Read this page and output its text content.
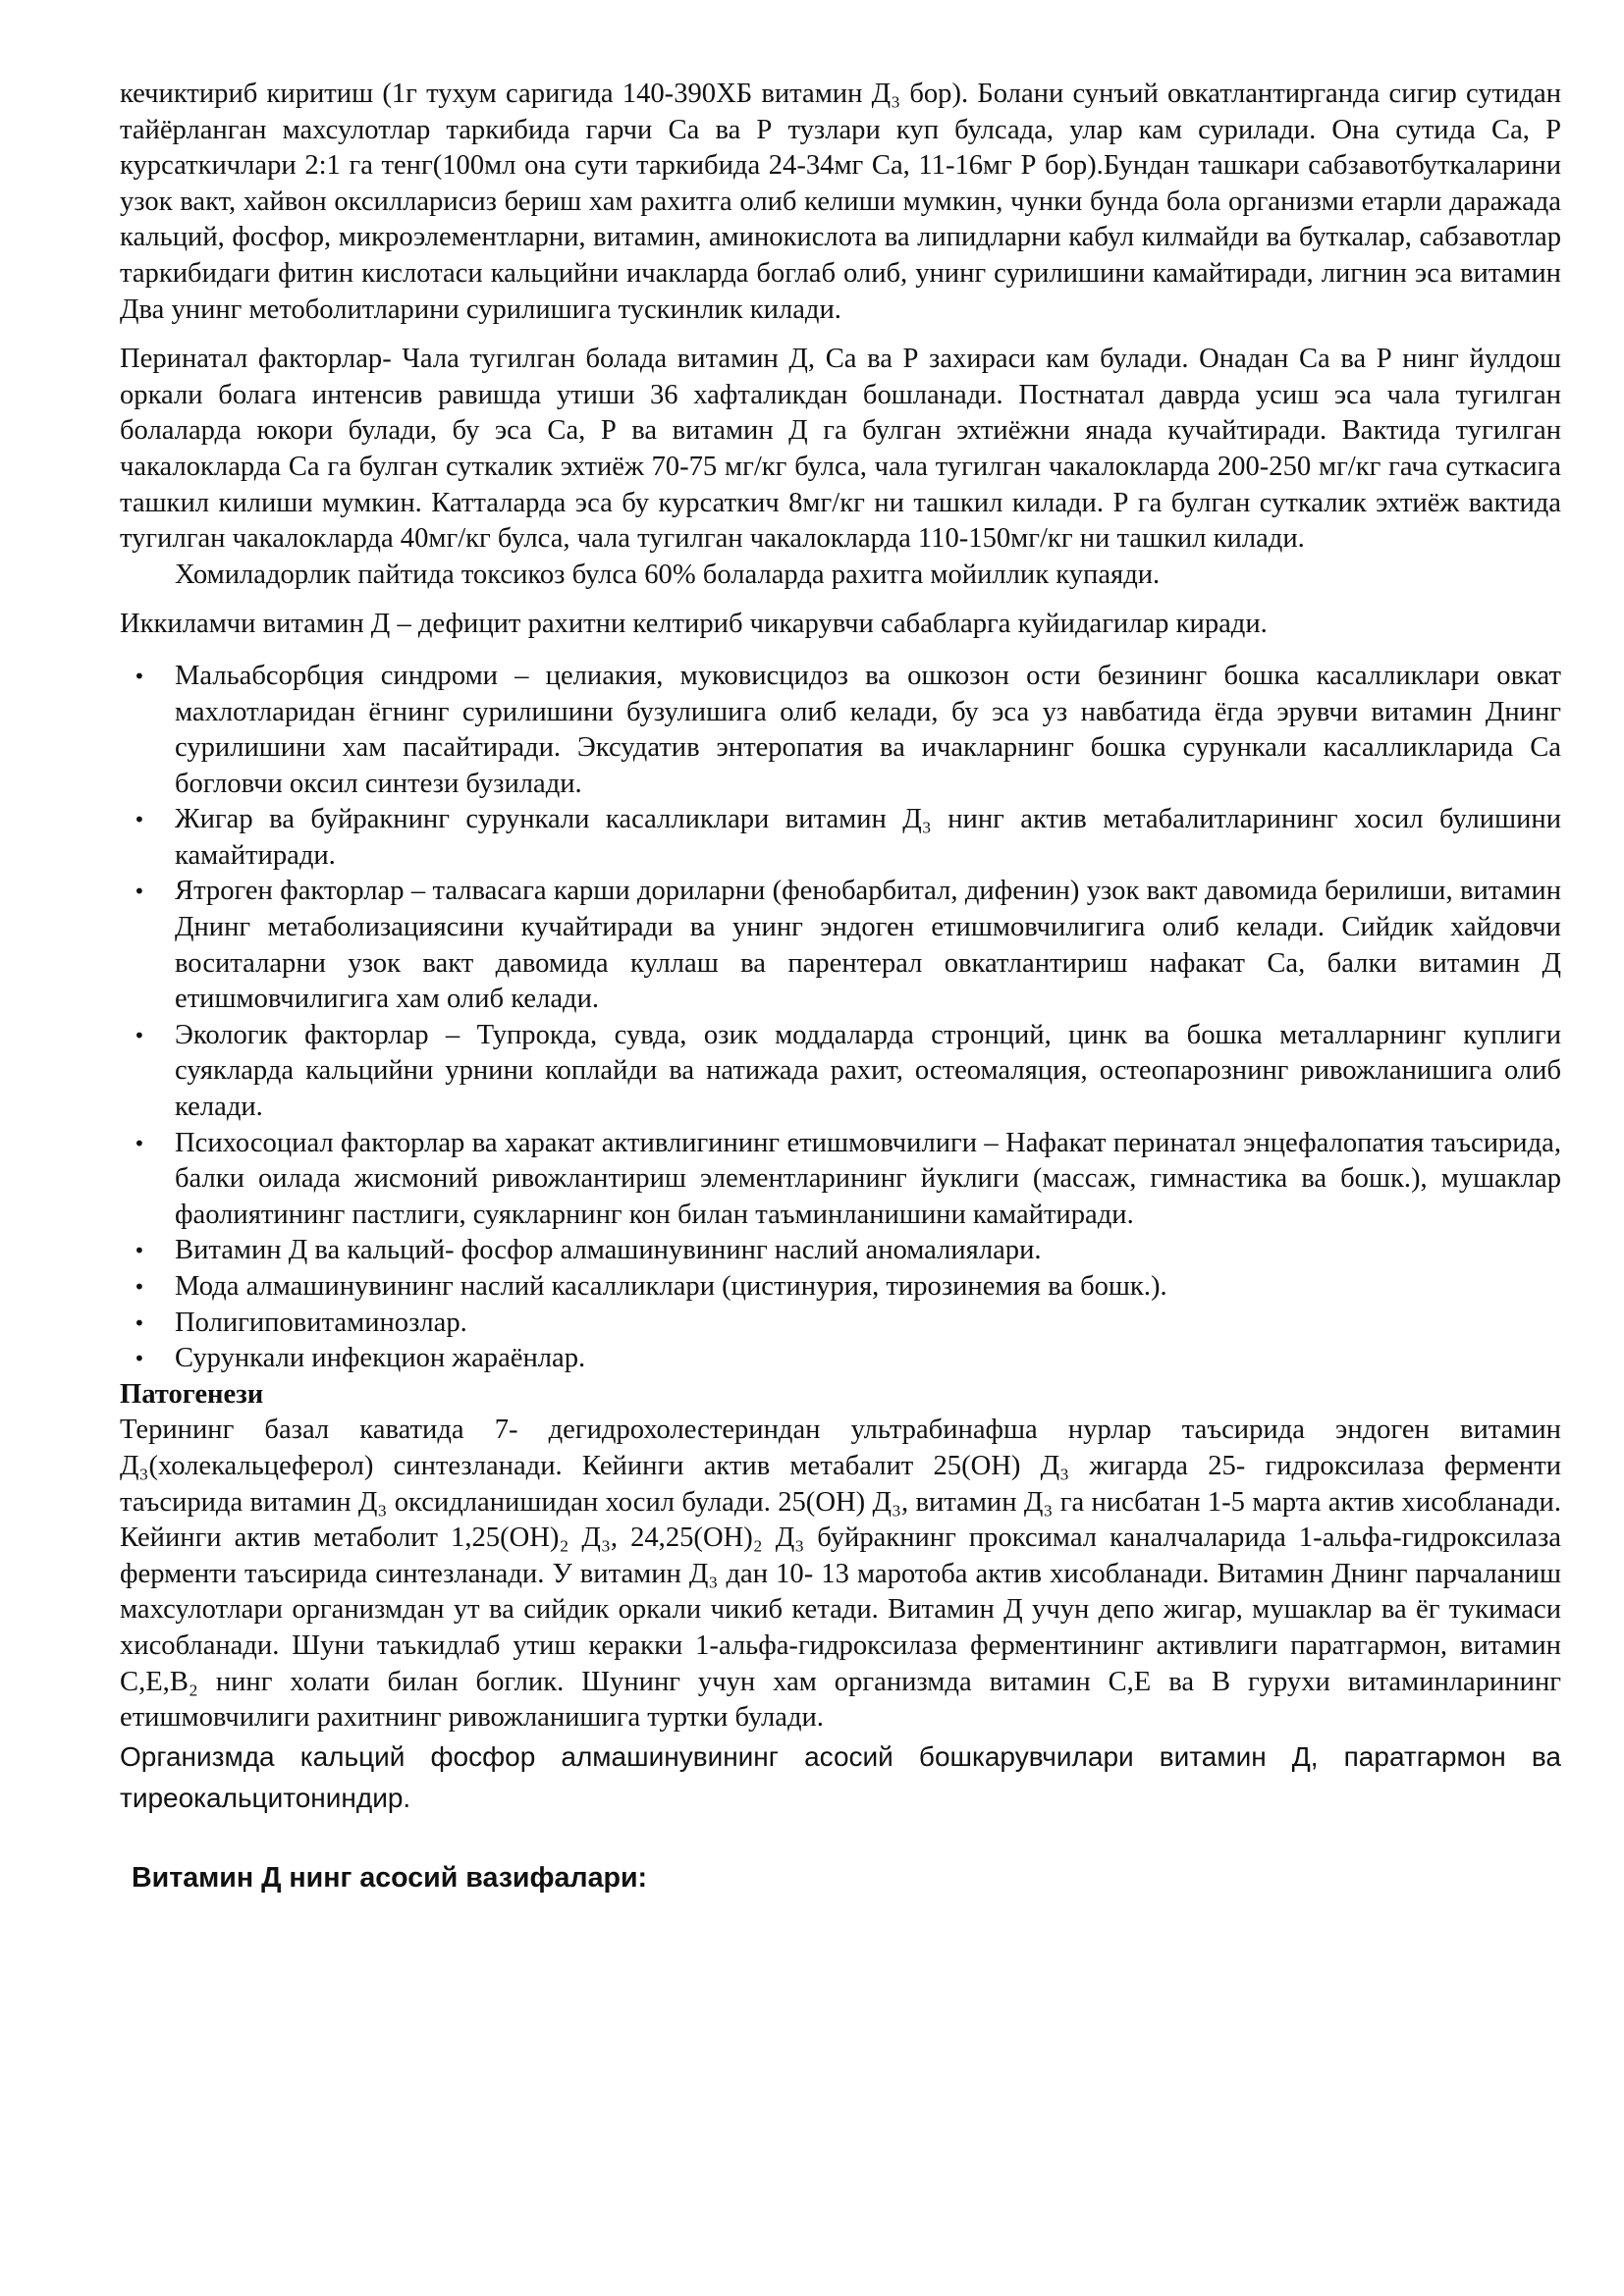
кечиктириб киритиш (1г тухум саригида 140-390ХБ витамин Д₃ бор). Болани сунъий овкатлантирганда сигир сутидан тайёрланган махсулотлар таркибида гарчи Са ва Р тузлари куп булсада, улар кам сурилади. Она сутида Са, Р курсаткичлари 2:1 га тенг(100мл она сути таркибида 24-34мг Са, 11-16мг Р бор).Бундан ташкари сабзавотбуткаларини узок вакт, хайвон оксилларисиз бериш хам рахитга олиб келиши мумкин, чунки бунда бола организми етарли даражада кальций, фосфор, микроэлементларни, витамин, аминокислота ва липидларни кабул килмайди ва буткалар, сабзавотлар таркибидаги фитин кислотаси кальцийни ичакларда боглаб олиб, унинг сурилишини камайтиради, лигнин эса витамин Два унинг метоболитларини сурилишига тускинлик килади.

Перинатал факторлар- Чала тугилган болада витамин Д, Са ва Р захираси кам булади. Онадан Са ва Р нинг йулдош оркали болага интенсив равишда утиши 36 хафталикдан бошланади. Постнатал даврда усиш эса чала тугилган болаларда юкори булади, бу эса Са, Р ва витамин Д га булган эхтиёжни янада кучайтиради. Вактида тугилган чакалокларда Са га булган суткалик эхтиёж 70-75 мг/кг булса, чала тугилган чакалокларда 200-250 мг/кг гача суткасига ташкил килиши мумкин. Катталарда эса бу курсаткич 8мг/кг ни ташкил килади. Р га булган суткалик эхтиёж вактида тугилган чакалокларда 40мг/кг булса, чала тугилган чакалокларда 110-150мг/кг ни ташкил килади.

Хомиладорлик пайтида токсикоз булса 60% болаларда рахитга мойиллик купаяди.

Иккиламчи витамин Д – дефицит рахитни келтириб чикарувчи сабабларга куйидагилар киради.

• Мальабсорбция синдроми – целиакия, муковисцидоз ва ошкозон ости безининг бошка касалликлари овкат махлотларидан ёгнинг сурилишини бузулишига олиб келади, бу эса уз навбатида ёгда эрувчи витамин Днинг сурилишини хам пасайтиради. Эксудатив энтеропатия ва ичакларнинг бошка сурункали касалликларида Са богловчи оксил синтези бузилади.
• Жигар ва буйракнинг сурункали касалликлари витамин Д₃ нинг актив метабалитларининг хосил булишини камайтиради.
• Ятроген факторлар – талвасага карши дориларни (фенобарбитал, дифенин) узок вакт давомида берилиши, витамин Днинг метаболизациясини кучайтиради ва унинг эндоген етишмовчилигига олиб келади. Сийдик хайдовчи воситаларни узок вакт давомида куллаш ва парентерал овкатлантириш нафакат Са, балки витамин Д етишмовчилигига хам олиб келади.
• Экологик факторлар – Тупрокда, сувда, озик моддаларда стронций, цинк ва бошка металларнинг куплиги суякларда кальцийни урнини коплайди ва натижада рахит, остеомаляция, остеопарознинг ривожланишига олиб келади.
• Психосоциал факторлар ва харакат активлигининг етишмовчилиги – Нафакат перинатал энцефалопатия таъсирида, балки оилада жисмоний ривожлантириш элементларининг йуклиги (массаж, гимнастика ва бошк.), мушаклар фаолиятининг пастлиги, суякларнинг кон билан таъминланишини камайтиради.
• Витамин Д ва кальций- фосфор алмашинувининг наслий аномалиялари.
• Мода алмашинувининг наслий касалликлари (цистинурия, тирозинемия ва бошк.).
• Полигиповитаминозлар.
• Сурункали инфекцион жараёнлар.

Патогенези

Терининг базал каватида 7- дегидрохолестериндан ультрабинафша нурлар таъсирида эндоген витамин Д₃(холекальцеферол) синтезланади. Кейинги актив метабалит 25(ОН) Д₃ жигарда 25- гидроксилаза ферменти таъсирида витамин Д₃ оксидланишидан хосил булади. 25(ОН) Д₃, витамин Д₃ га нисбатан 1-5 марта актив хисобланади. Кейинги актив метаболит 1,25(ОН)₂ Д₃, 24,25(ОН)₂ Д₃ буйракнинг проксимал каналчаларида 1-альфа-гидроксилаза ферменти таъсирида синтезланади. У витамин Д₃ дан 10- 13 маротоба актив хисобланади. Витамин Днинг парчаланиш махсулотлари организмдан ут ва сийдик оркали чикиб кетади. Витамин Д учун депо жигар, мушаклар ва ёг тукимаси хисобланади. Шуни таъкидлаб утиш керакки 1-альфа-гидроксилаза ферментининг активлиги паратгармон, витамин С,Е,В₂ нинг холати билан боглик. Шунинг учун хам организмда витамин С,Е ва В гурухи витаминларининг етишмовчилиги рахитнинг ривожланишига туртки булади.

Организмда кальций фосфор алмашинувининг асосий бошкарувчилари витамин Д, паратгармон ва тиреокальцитониндир.

Витамин Д нинг асосий вазифалари:
